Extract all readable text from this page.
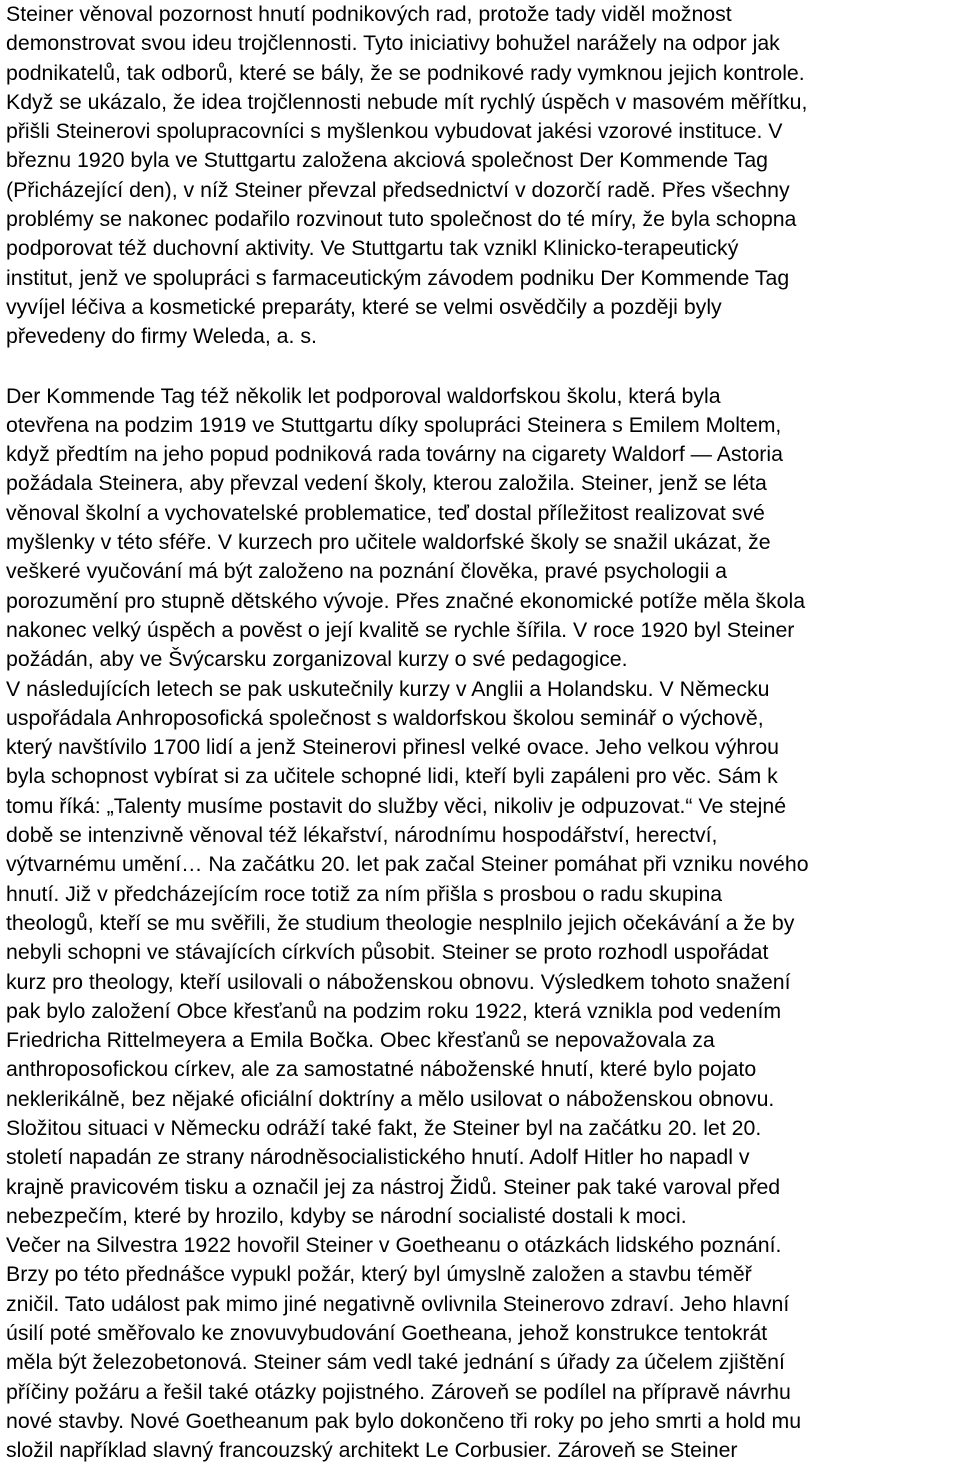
Steiner věnoval pozornost hnutí podnikových rad, protože tady viděl možnost
demonstrovat svou ideu trojčlennosti. Tyto iniciativy bohužel narážely na odpor jak
podnikatelů, tak odborů, které se bály, že se podnikové rady vymknou jejich kontrole.
Když se ukázalo, že idea trojčlennosti nebude mít rychlý úspěch v masovém měřítku,
přišli Steinerovi spolupracovníci s myšlenkou vybudovat jakési vzorové instituce. V
březnu 1920 byla ve Stuttgartu založena akciová společnost Der Kommende Tag
(Přicházející den), v níž Steiner převzal předsednictví v dozorčí radě. Přes všechny
problémy se nakonec podařilo rozvinout tuto společnost do té míry, že byla schopna
podporovat též duchovní aktivity. Ve Stuttgartu tak vznikl Klinicko-terapeutický
institut, jenž ve spolupráci s farmaceutickým závodem podniku Der Kommende Tag
vyvíjel léčiva a kosmetické preparáty, které se velmi osvědčily a později byly
převedeny do firmy Weleda, a. s.
Der Kommende Tag též několik let podporoval waldorfskou školu, která byla
otevřena na podzim 1919 ve Stuttgartu díky spolupráci Steinera s Emilem Moltem,
když předtím na jeho popud podniková rada továrny na cigarety Waldorf — Astoria
požádala Steinera, aby převzal vedení školy, kterou založila. Steiner, jenž se léta
věnoval školní a vychovatelské problematice, teď dostal příležitost realizovat své
myšlenky v této sféře. V kurzech pro učitele waldorfské školy se snažil ukázat, že
veškeré vyučování má být založeno na poznání člověka, pravé psychologii a
porozumění pro stupně dětského vývoje. Přes značné ekonomické potíže měla škola
nakonec velký úspěch a pověst o její kvalitě se rychle šířila. V roce 1920 byl Steiner
požádán, aby ve Švýcarsku zorganizoval kurzy o své pedagogice.
V následujících letech se pak uskutečnily kurzy v Anglii a Holandsku. V Německu
uspořádala Anhroposofická společnost s waldorfskou školou seminář o výchově,
který navštívilo 1700 lidí a jenž Steinerovi přinesl velké ovace. Jeho velkou výhrou
byla schopnost vybírat si za učitele schopné lidi, kteří byli zapáleni pro věc. Sám k
tomu říká: „Talenty musíme postavit do služby věci, nikoliv je odpuzovat.“ Ve stejné
době se intenzivně věnoval též lékařství, národnímu hospodářství, herectví,
výtvarnému umění… Na začátku 20. let pak začal Steiner pomáhat při vzniku nového
hnutí. Již v předcházejícím roce totiž za ním přišla s prosbou o radu skupina
theologů, kteří se mu svěřili, že studium theologie nesplnilo jejich očekávání a že by
nebyli schopni ve stávajících církvích působit. Steiner se proto rozhodl uspořádat
kurz pro theology, kteří usilovali o náboženskou obnovu. Výsledkem tohoto snažení
pak bylo založení Obce křesťanů na podzim roku 1922, která vznikla pod vedením
Friedricha Rittelmeyera a Emila Bočka. Obec křesťanů se nepovažovala za
anthroposofickou církev, ale za samostatné náboženské hnutí, které bylo pojato
neklerikálně, bez nějaké oficiální doktríny a mělo usilovat o náboženskou obnovu.
Složitou situaci v Německu odráží také fakt, že Steiner byl na začátku 20. let 20.
století napadán ze strany národněsocialistického hnutí. Adolf Hitler ho napadl v
krajně pravicovém tisku a označil jej za nástroj Židů. Steiner pak také varoval před
nebezpečím, které by hrozilo, kdyby se národní socialisté dostali k moci.
Večer na Silvestra 1922 hovořil Steiner v Goetheanu o otázkách lidského poznání.
Brzy po této přednášce vypukl požár, který byl úmyslně založen a stavbu téměř
zničil. Tato událost pak mimo jiné negativně ovlivnila Steinerovo zdraví. Jeho hlavní
úsilí poté směřovalo ke znovuvybudování Goetheana, jehož konstrukce tentokrát
měla být železobetonová. Steiner sám vedl také jednání s úřady za účelem zjištění
příčiny požáru a řešil také otázky pojistného. Zároveň se podílel na přípravě návrhu
nové stavby. Nové Goetheanum pak bylo dokončeno tři roky po jeho smrti a hold mu
složil například slavný francouzský architekt Le Corbusier. Zároveň se Steiner
